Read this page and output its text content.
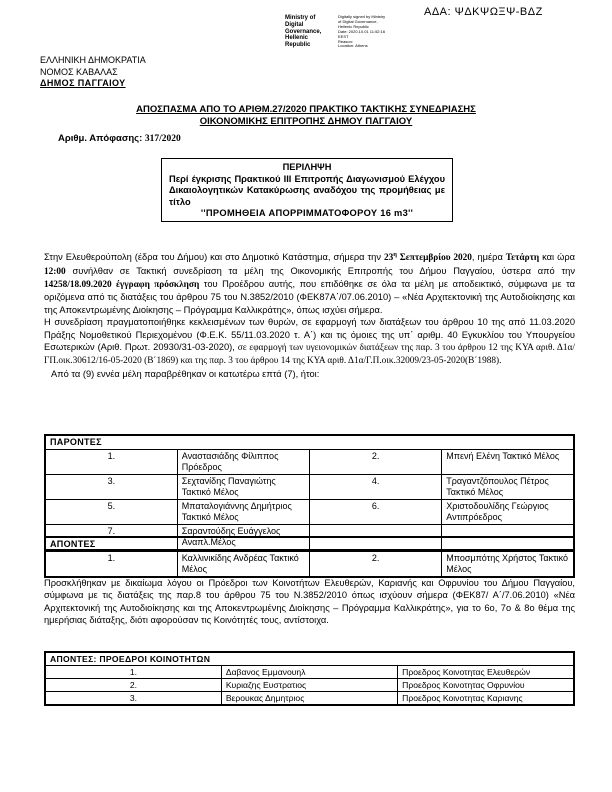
ΑΔΑ: ΨΔΚΨΩΞΨ-ΒΔΖ
Ministry of Digital
Governance,
Hellenic Republic
Digitally signed by Ministry
of Digital Governance,
Hellenic Republic
Date: 2020.10.01 11:52:16
EEST
Reason:
Location: Athens
ΕΛΛΗΝΙΚΗ ΔΗΜΟΚΡΑΤΙΑ
ΝΟΜΟΣ ΚΑΒΑΛΑΣ
ΔΗΜΟΣ ΠΑΓΓΑΙΟΥ
ΑΠΟΣΠΑΣΜΑ ΑΠΟ ΤΟ ΑΡΙΘΜ.27/2020 ΠΡΑΚΤΙΚΟ ΤΑΚΤΙΚΗΣ ΣΥΝΕΔΡΙΑΣΗΣ
ΟΙΚΟΝΟΜΙΚΗΣ ΕΠΙΤΡΟΠΗΣ ΔΗΜΟΥ ΠΑΓΓΑΙΟΥ
Αριθμ. Απόφασης: 317/2020
ΠΕΡΙΛΗΨΗ
Περί έγκρισης Πρακτικού III Επιτροπής Διαγωνισμού Ελέγχου Δικαιολογητικών Κατακύρωσης αναδόχου της προμήθειας με τίτλο
''ΠΡΟΜΗΘΕΙΑ ΑΠΟΡΡΙΜΜΑΤΟΦΟΡΟΥ 16 m3''
Στην Ελευθερούπολη (έδρα του Δήμου) και στο Δημοτικό Κατάστημα, σήμερα την $23^\eta$ Σεπτεμβρίου 2020, ημέρα Τετάρτη και ώρα 12:00 συνήλθαν σε Τακτική συνεδρίαση τα μέλη της Οικονομικής Επιτροπής του Δήμου Παγγαίου, ύστερα από την 14258/18.09.2020 έγγραφη πρόσκληση του Προέδρου αυτής, που επιδόθηκε σε όλα τα μέλη με αποδεικτικό, σύμφωνα με τα οριζόμενα από τις διατάξεις του άρθρου 75 του Ν.3852/2010 (ΦΕΚ87Α΄/07.06.2010) – «Νέα Αρχιτεκτονική της Αυτοδιοίκησης και της Αποκεντρωμένης Διοίκησης – Πρόγραμμα Καλλικράτης», όπως ισχύει σήμερα.
Η συνεδρίαση πραγματοποιήθηκε κεκλεισμένων των θυρών, σε εφαρμογή των διατάξεων του άρθρου 10 της από 11.03.2020 Πράξης Νομοθετικού Περιεχομένου (Φ.Ε.Κ. 55/11.03.2020 τ. Α΄) και τις όμοιες της υπ΄ αριθμ. 40 Εγκυκλίου του Υπουργείου Εσωτερικών (Αριθ. Πρωτ. 20930/31-03-2020), σε εφαρμογή των υγειονομικών διατάξεων της παρ. 3 του άρθρου 12 της ΚΥΑ αριθ. Δ1α/ΓΠ.οικ.30612/16-05-2020 (Β΄1869) και της παρ. 3 του άρθρου 14 της ΚΥΑ αριθ. Δ1α/Γ.Π.οικ.32009/23-05-2020(Β΄1988).
Από τα (9) εννέα μέλη παραβρέθηκαν οι κατωτέρω επτά (7), ήτοι:
ΠΑΡΟΝΤΕΣ			
1.	Αναστασιάδης Φίλιππος Πρόεδρος	2.	Μπενή Ελένη Τακτικό Μέλος
3.	Σεχτανίδης Παναγιώτης Τακτικό Μέλος	4.	Τραγαντζόπουλος Πέτρος Τακτικό Μέλος
5.	Μπαταλογιάννης Δημήτριος Τακτικό Μέλος	6.	Χριστοδουλίδης Γεώργιος Αντιπρόεδρος
7.	Σαραντούδης Ευάγγελος Αναπλ.Μέλος		
ΑΠΟΝΤΕΣ
1.	Καλλινικίδης Ανδρέας Τακτικό Μέλος	2.	Μποσμπότης Χρήστος Τακτικό Μέλος
Προσκλήθηκαν με δικαίωμα λόγου οι Πρόεδροι των Κοινοτήτων Ελευθερών, Καριανής και Οφρυνίου του Δήμου Παγγαίου, σύμφωνα με τις διατάξεις της παρ.8 του άρθρου 75 του Ν.3852/2010 όπως ισχύουν σήμερα (ΦΕΚ87/ Α΄/7.06.2010) «Νέα Αρχιτεκτονική της Αυτοδιοίκησης και της Αποκεντρωμένης Διοίκησης – Πρόγραμμα Καλλικράτης», για το 6ο, 7ο & 8ο θέμα της ημερήσιας διάταξης, διότι αφορούσαν τις Κοινότητές τους, αντίστοιχα.
ΑΠΟΝΤΕΣ: ΠΡΟΕΔΡΟΙ ΚΟΙΝΟΤΗΤΩΝ		
1.	Δαβανος Εμμανουηλ	Προεδρος Κοινοτητας Ελευθερών
2.	Κυριαζης Ευστρατιος	Προεδρος Κοινοτητας Οφρυνίου
3.	Βερουκας Δημητριος	Προεδρος Κοινοτητας Καριανης
